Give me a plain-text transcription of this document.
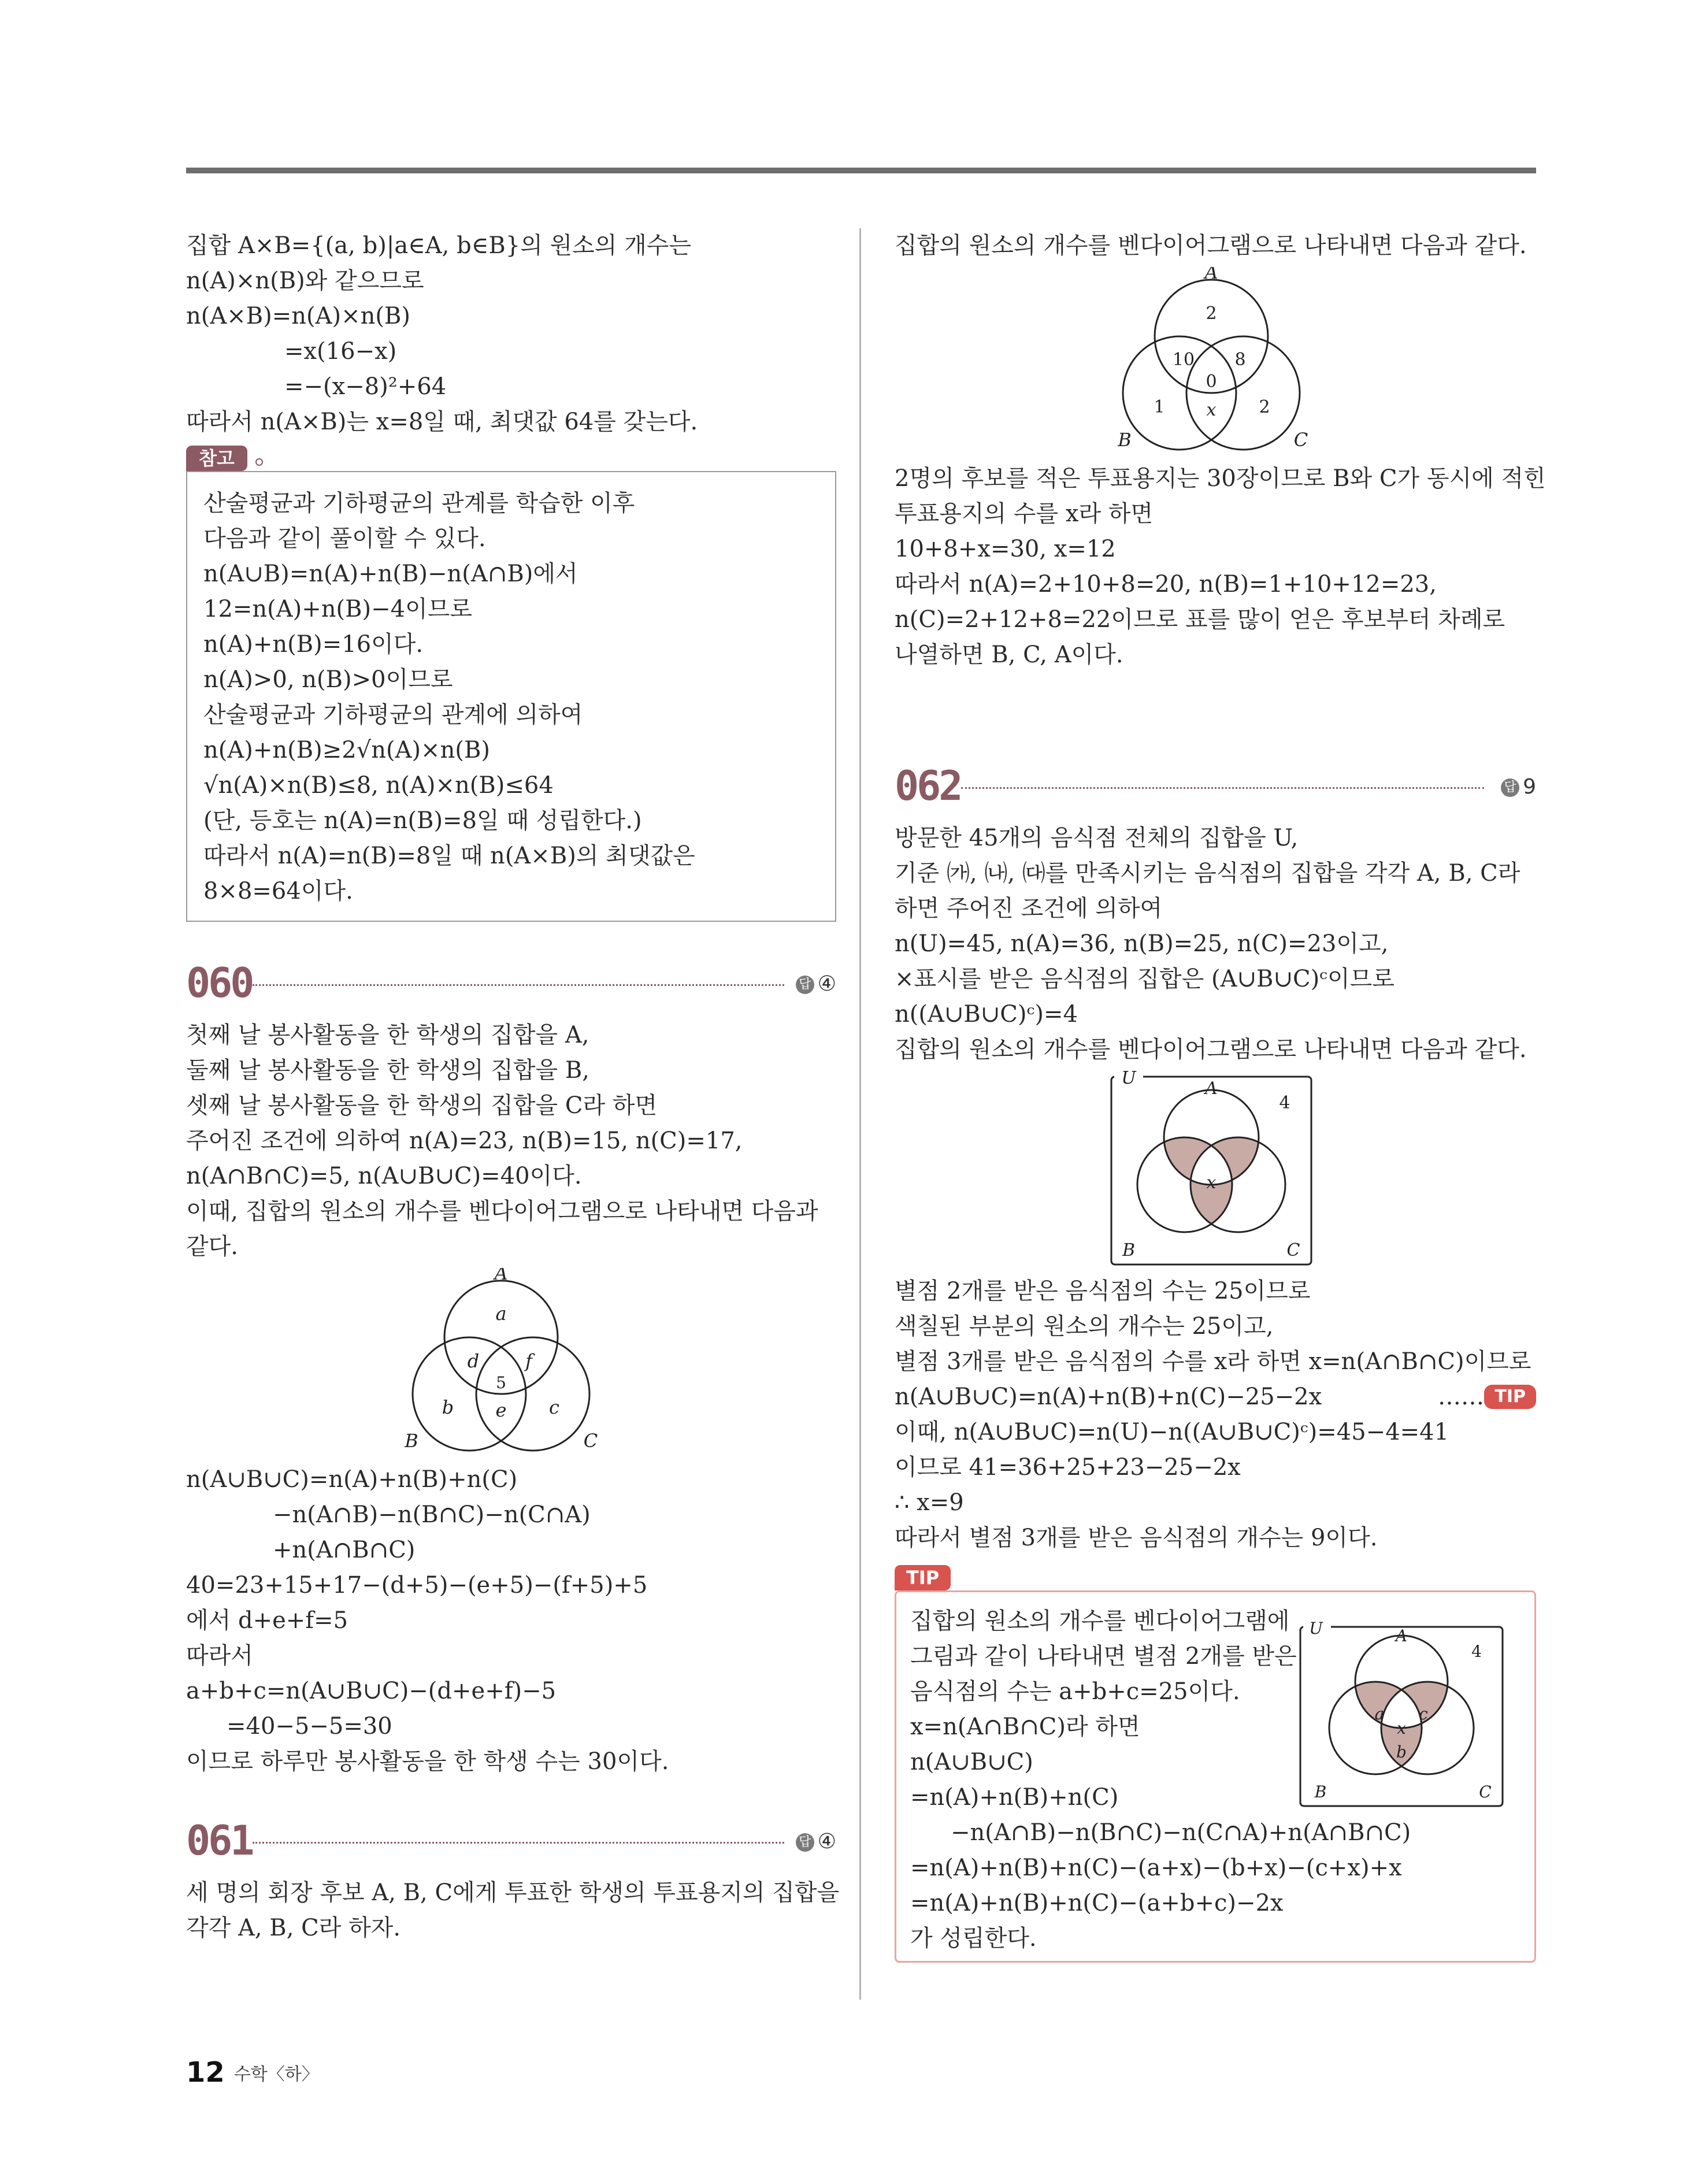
집합 A×B={(a, b)|a∈A, b∈B}의 원소의 개수는
n(A)×n(B)와 같으므로
n(A×B)=n(A)×n(B)
=x(16−x)
=−(x−8)²+64
따라서 n(A×B)는 x=8일 때, 최댓값 64를 갖는다.
참고
산술평균과 기하평균의 관계를 학습한 이후
다음과 같이 풀이할 수 있다.
n(A∪B)=n(A)+n(B)−n(A∩B)에서
12=n(A)+n(B)−4이므로
n(A)+n(B)=16이다.
n(A)>0, n(B)>0이므로
산술평균과 기하평균의 관계에 의하여
n(A)+n(B)≥2√n(A)×n(B)
√n(A)×n(B)≤8, n(A)×n(B)≤64
(단, 등호는 n(A)=n(B)=8일 때 성립한다.)
따라서 n(A)=n(B)=8일 때 n(A×B)의 최댓값은
8×8=64이다.
060	답 ④
첫째 날 봉사활동을 한 학생의 집합을 A,
둘째 날 봉사활동을 한 학생의 집합을 B,
셋째 날 봉사활동을 한 학생의 집합을 C라 하면
주어진 조건에 의하여 n(A)=23, n(B)=15, n(C)=17,
n(A∩B∩C)=5, n(A∪B∪C)=40이다.
이때, 집합의 원소의 개수를 벤다이어그램으로 나타내면 다음과
같다.
A
B	C
a
b	c
d
e
f
5
n(A∪B∪C)=n(A)+n(B)+n(C)
−n(A∩B)−n(B∩C)−n(C∩A)
+n(A∩B∩C)
40=23+15+17−(d+5)−(e+5)−(f+5)+5
에서 d+e+f=5
따라서
a+b+c=n(A∪B∪C)−(d+e+f)−5
=40−5−5=30
이므로 하루만 봉사활동을 한 학생 수는 30이다.
061	답 ④
세 명의 회장 후보 A, B, C에게 투표한 학생의 투표용지의 집합을
각각 A, B, C라 하자.
집합의 원소의 개수를 벤다이어그램으로 나타내면 다음과 같다.
A
B	C
2
10 8
0
1 x 2
2명의 후보를 적은 투표용지는 30장이므로 B와 C가 동시에 적힌
투표용지의 수를 x라 하면
10+8+x=30, x=12
따라서 n(A)=2+10+8=20, n(B)=1+10+12=23,
n(C)=2+12+8=22이므로 표를 많이 얻은 후보부터 차례로
나열하면 B, C, A이다.
062	답 9
방문한 45개의 음식점 전체의 집합을 U,
기준 ㈎, ㈏, ㈐를 만족시키는 음식점의 집합을 각각 A, B, C라
하면 주어진 조건에 의하여
n(U)=45, n(A)=36, n(B)=25, n(C)=23이고,
×표시를 받은 음식점의 집합은 (A∪B∪C)ᶜ이므로
n((A∪B∪C)ᶜ)=4
집합의 원소의 개수를 벤다이어그램으로 나타내면 다음과 같다.
U
A
B	C
4
x
별점 2개를 받은 음식점의 수는 25이므로
색칠된 부분의 원소의 개수는 25이고,
별점 3개를 받은 음식점의 수를 x라 하면 x=n(A∩B∩C)이므로
n(A∪B∪C)=n(A)+n(B)+n(C)−25−2x	…… TIP
이때, n(A∪B∪C)=n(U)−n((A∪B∪C)ᶜ)=45−4=41
이므로 41=36+25+23−25−2x
∴ x=9
따라서 별점 3개를 받은 음식점의 개수는 9이다.
TIP
집합의 원소의 개수를 벤다이어그램에
그림과 같이 나타내면 별점 2개를 받은
음식점의 수는 a+b+c=25이다.
x=n(A∩B∩C)라 하면
n(A∪B∪C)
=n(A)+n(B)+n(C)
−n(A∩B)−n(B∩C)−n(C∩A)+n(A∩B∩C)
=n(A)+n(B)+n(C)−(a+x)−(b+x)−(c+x)+x
=n(A)+n(B)+n(C)−(a+b+c)−2x
가 성립한다.
U	A
B	C
4
a c
b
x
12 수학〈하〉
